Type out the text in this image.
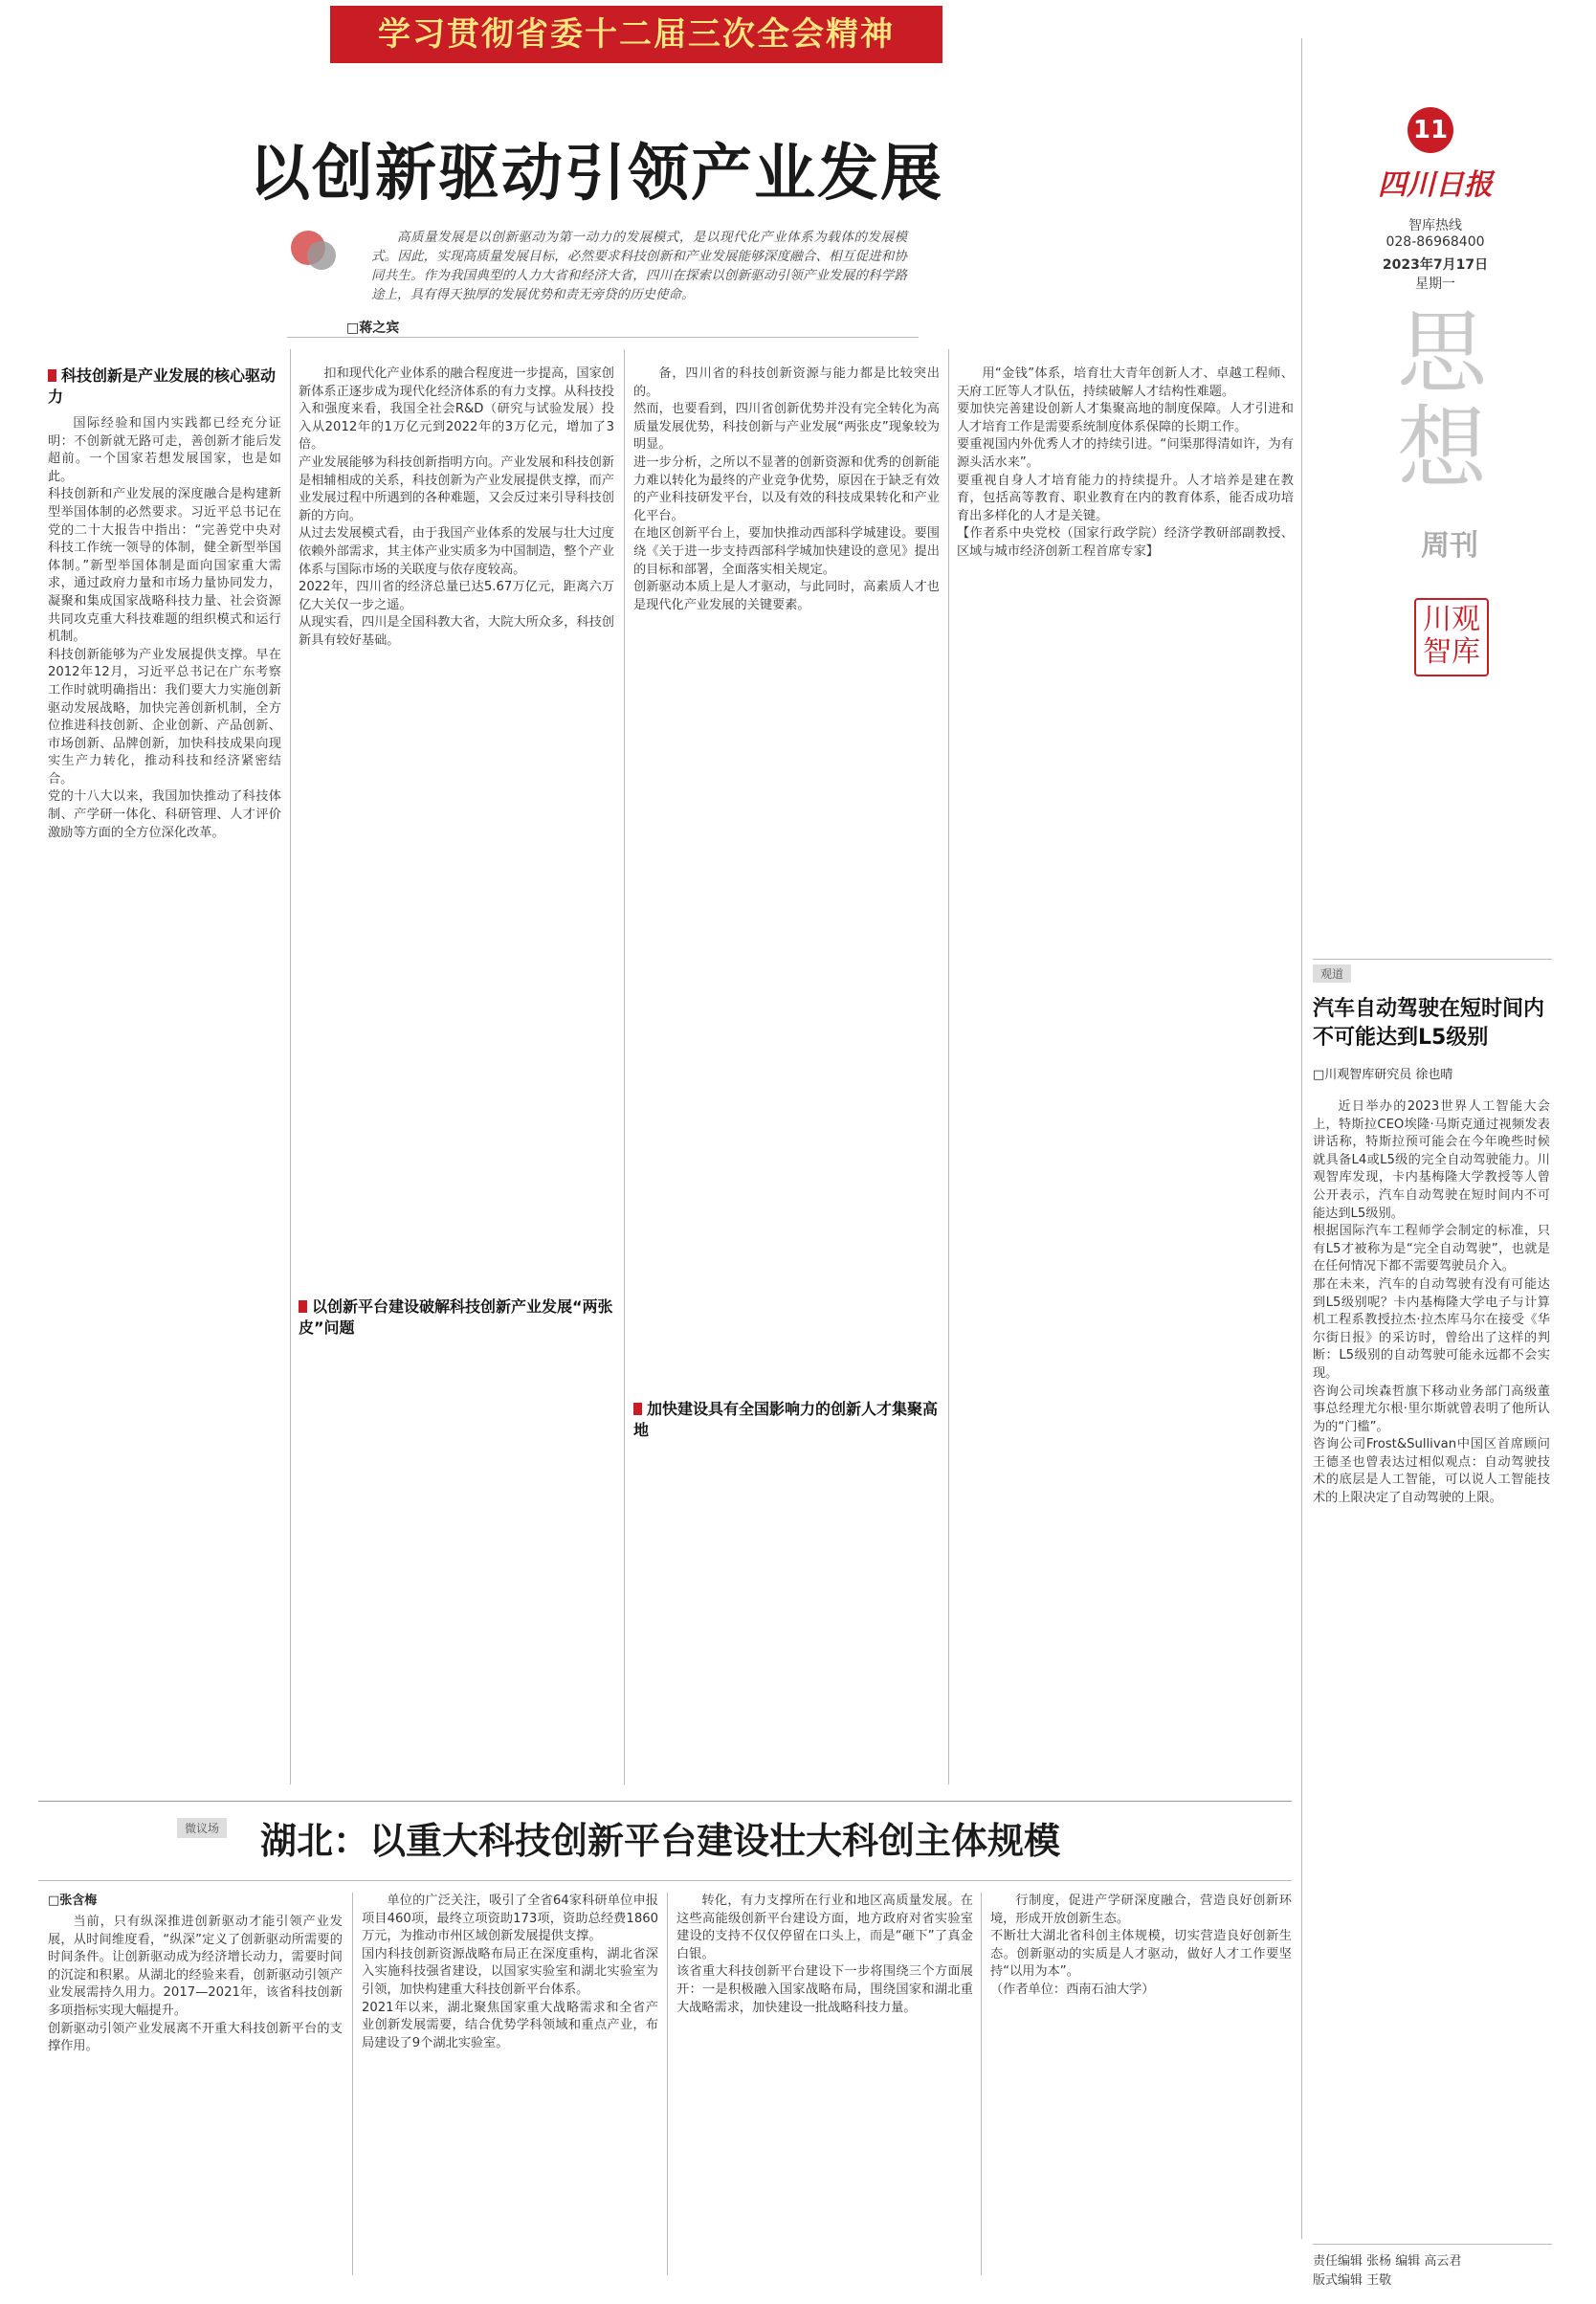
学习贯彻省委十二届三次全会精神
11
四川日报
智库热线
028-86968400
2023年7月17日
星期一
思想
周刊
川观智库
以创新驱动引领产业发展
高质量发展是以创新驱动为第一动力的发展模式，是以现代化产业体系为载体的发展模式。因此，实现高质量发展目标，必然要求科技创新和产业发展能够深度融合、相互促进和协同共生。作为我国典型的人力大省和经济大省，四川在探索以创新驱动引领产业发展的科学路途上，具有得天独厚的发展优势和责无旁贷的历史使命。
□蒋之宾
科技创新是产业发展的核心驱动力
国际经验和国内实践都已经充分证明：不创新就无路可走，善创新才能后发超前。一个国家若想发展国家，也是如此。
科技创新和产业发展的深度融合是构建新型举国体制的必然要求。习近平总书记在党的二十大报告中指出：“完善党中央对科技工作统一领导的体制，健全新型举国体制。”新型举国体制是面向国家重大需求，通过政府力量和市场力量协同发力，凝聚和集成国家战略科技力量、社会资源共同攻克重大科技难题的组织模式和运行机制。
科技创新能够为产业发展提供支撑。早在2012年12月，习近平总书记在广东考察工作时就明确指出：我们要大力实施创新驱动发展战略，加快完善创新机制，全方位推进科技创新、企业创新、产品创新、市场创新、品牌创新，加快科技成果向现实生产力转化，推动科技和经济紧密结合。
党的十八大以来，我国加快推动了科技体制、产学研一体化、科研管理、人才评价激励等方面的全方位深化改革。
扣和现代化产业体系的融合程度进一步提高，国家创新体系正逐步成为现代化经济体系的有力支撑。从科技投入和强度来看，我国全社会R&D（研究与试验发展）投入从2012年的1万亿元到2022年的3万亿元，增加了3倍。
产业发展能够为科技创新指明方向。产业发展和科技创新是相辅相成的关系，科技创新为产业发展提供支撑，而产业发展过程中所遇到的各种难题，又会反过来引导科技创新的方向。
从过去发展模式看，由于我国产业体系的发展与壮大过度依赖外部需求，其主体产业实质多为中国制造，整个产业体系与国际市场的关联度与依存度较高。
2022年，四川省的经济总量已达5.67万亿元，距离六万亿大关仅一步之遥。
从现实看，四川是全国科教大省，大院大所众多，科技创新具有较好基础。
以创新平台建设破解科技创新产业发展“两张皮”问题
备，四川省的科技创新资源与能力都是比较突出的。
然而，也要看到，四川省创新优势并没有完全转化为高质量发展优势，科技创新与产业发展“两张皮”现象较为明显。
进一步分析，之所以不显著的创新资源和优秀的创新能力难以转化为最终的产业竞争优势，原因在于缺乏有效的产业科技研发平台，以及有效的科技成果转化和产业化平台。
在地区创新平台上，要加快推动西部科学城建设。要围绕《关于进一步支持西部科学城加快建设的意见》提出的目标和部署，全面落实相关规定。
创新驱动本质上是人才驱动，与此同时，高素质人才也是现代化产业发展的关键要素。
加快建设具有全国影响力的创新人才集聚高地
用“金钱”体系，培育壮大青年创新人才、卓越工程师、天府工匠等人才队伍，持续破解人才结构性难题。
要加快完善建设创新人才集聚高地的制度保障。人才引进和人才培育工作是需要系统制度体系保障的长期工作。
要重视国内外优秀人才的持续引进。“问渠那得清如许，为有源头活水来”。
要重视自身人才培育能力的持续提升。人才培养是建在教育，包括高等教育、职业教育在内的教育体系，能否成功培育出多样化的人才是关键。
【作者系中央党校（国家行政学院）经济学教研部副教授、区域与城市经济创新工程首席专家】
观道
汽车自动驾驶在短时间内不可能达到L5级别
□川观智库研究员 徐也晴
近日举办的2023世界人工智能大会上，特斯拉CEO埃隆·马斯克通过视频发表讲话称，特斯拉预可能会在今年晚些时候就具备L4或L5级的完全自动驾驶能力。川观智库发现，卡内基梅隆大学教授等人曾公开表示，汽车自动驾驶在短时间内不可能达到L5级别。
根据国际汽车工程师学会制定的标准，只有L5才被称为是“完全自动驾驶”，也就是在任何情况下都不需要驾驶员介入。
那在未来，汽车的自动驾驶有没有可能达到L5级别呢？卡内基梅隆大学电子与计算机工程系教授拉杰·拉杰库马尔在接受《华尔街日报》的采访时，曾给出了这样的判断：L5级别的自动驾驶可能永远都不会实现。
咨询公司埃森哲旗下移动业务部门高级董事总经理尤尔根·里尔斯就曾表明了他所认为的“门槛”。
咨询公司Frost&Sullivan中国区首席顾问王德圣也曾表达过相似观点：自动驾驶技术的底层是人工智能，可以说人工智能技术的上限决定了自动驾驶的上限。
责任编辑 张杨 编辑 高云君
版式编辑 王敬
微议场 湖北：以重大科技创新平台建设壮大科创主体规模
□张含梅
当前，只有纵深推进创新驱动才能引领产业发展，从时间维度看，“纵深”定义了创新驱动所需要的时间条件。让创新驱动成为经济增长动力，需要时间的沉淀和积累。从湖北的经验来看，创新驱动引领产业发展需持久用力。2017—2021年，该省科技创新多项指标实现大幅提升。
创新驱动引领产业发展离不开重大科技创新平台的支撑作用。
单位的广泛关注，吸引了全省64家科研单位申报项目460项，最终立项资助173项，资助总经费1860万元，为推动市州区域创新发展提供支撑。
国内科技创新资源战略布局正在深度重构，湖北省深入实施科技强省建设，以国家实验室和湖北实验室为引领，加快构建重大科技创新平台体系。
2021年以来，湖北聚焦国家重大战略需求和全省产业创新发展需要，结合优势学科领域和重点产业，布局建设了9个湖北实验室。
转化，有力支撑所在行业和地区高质量发展。在这些高能级创新平台建设方面，地方政府对省实验室建设的支持不仅仅停留在口头上，而是“砸下”了真金白银。
该省重大科技创新平台建设下一步将围绕三个方面展开：一是积极融入国家战略布局，围绕国家和湖北重大战略需求，加快建设一批战略科技力量。
行制度，促进产学研深度融合，营造良好创新环境，形成开放创新生态。
不断壮大湖北省科创主体规模，切实营造良好创新生态。创新驱动的实质是人才驱动，做好人才工作要坚持“以用为本”。
（作者单位：西南石油大学）
